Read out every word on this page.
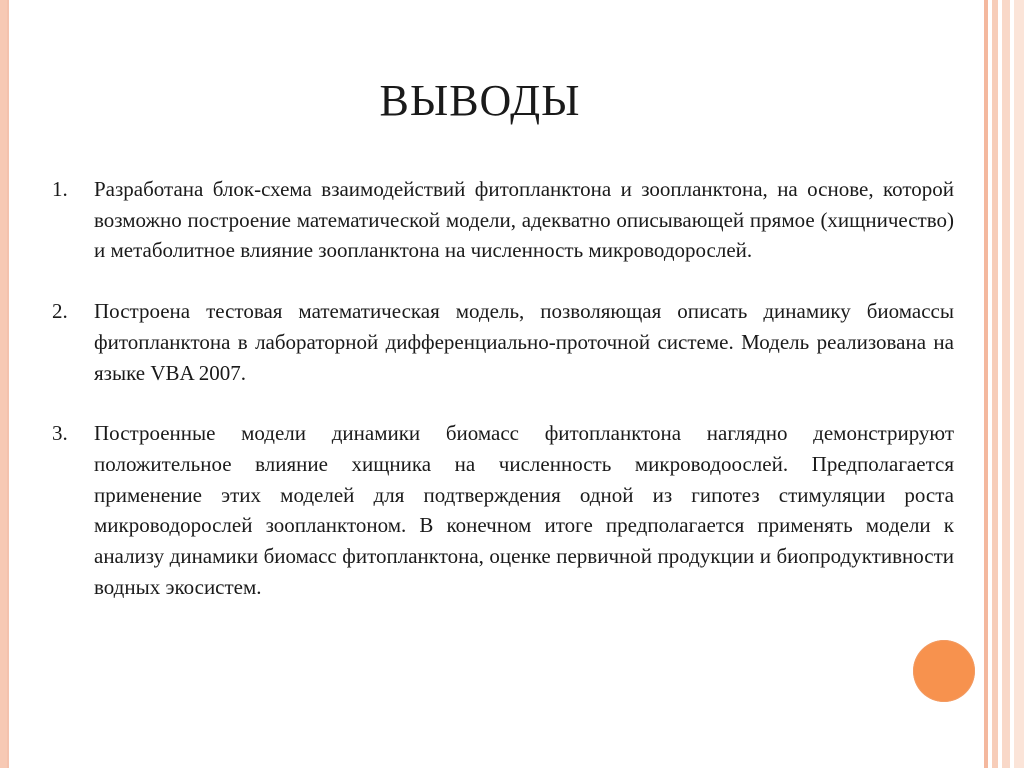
ВЫВОДЫ
1.	Разработана блок-схема взаимодействий фитопланктона и зоопланктона, на основе, которой возможно построение математической модели, адекватно описывающей прямое (хищничество) и метаболитное влияние зоопланктона на численность микроводорослей.
2.	Построена тестовая математическая модель, позволяющая описать динамику биомассы фитопланктона в лабораторной дифференциально-проточной системе. Модель реализована на языке VBA 2007.
3.	Построенные модели динамики биомасс фитопланктона наглядно демонстрируют положительное влияние хищника на численность микроводоослей. Предполагается применение этих моделей для подтверждения одной из гипотез стимуляции роста микроводорослей зоопланктоном. В конечном итоге предполагается применять модели к анализу динамики биомасс фитопланктона, оценке первичной продукции и биопродуктивности водных экосистем.
